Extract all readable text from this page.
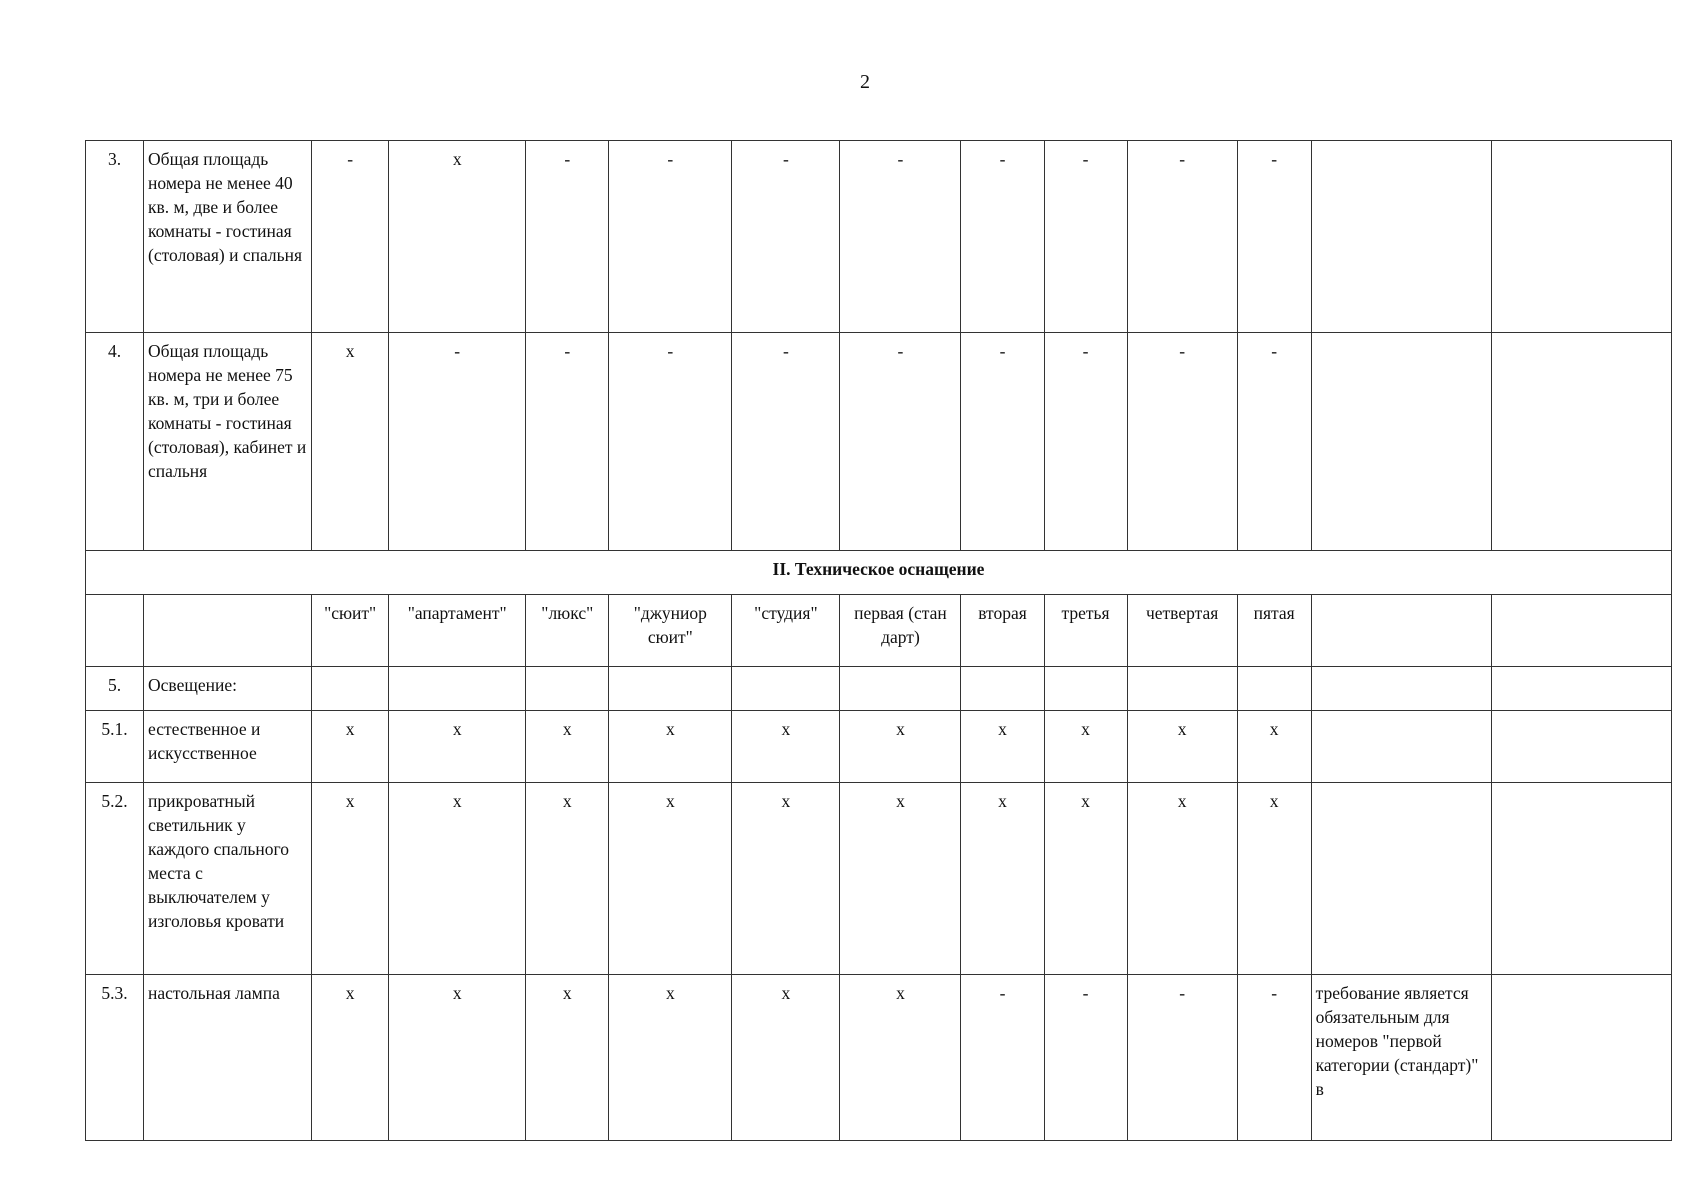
2
3.	Общая площадь номера не менее 40 кв. м, две и более комнаты - гостиная (столовая) и спальня	-	х	-	-	-	-	-	-	-	-		
4.	Общая площадь номера не менее 75 кв. м, три и более комнаты - гостиная (столовая), кабинет и спальня	х	-	-	-	-	-	-	-	-	-		
II. Техническое оснащение													
		"сюит"	"апартамент"	"люкс"	"джуниор сюит"	"студия"	первая (стан дарт)	вторая	третья	четвертая	пятая		
5.	Освещение:												
5.1.	естественное и искусственное	х	х	х	х	х	х	х	х	х	х		
5.2.	прикроватный светильник у каждого спального места с выключателем у изголовья кровати	х	х	х	х	х	х	х	х	х	х		
5.3.	настольная лампа	х	х	х	х	х	х	-	-	-	-	требование является обязательным для номеров "первой категории (стандарт)" в	
